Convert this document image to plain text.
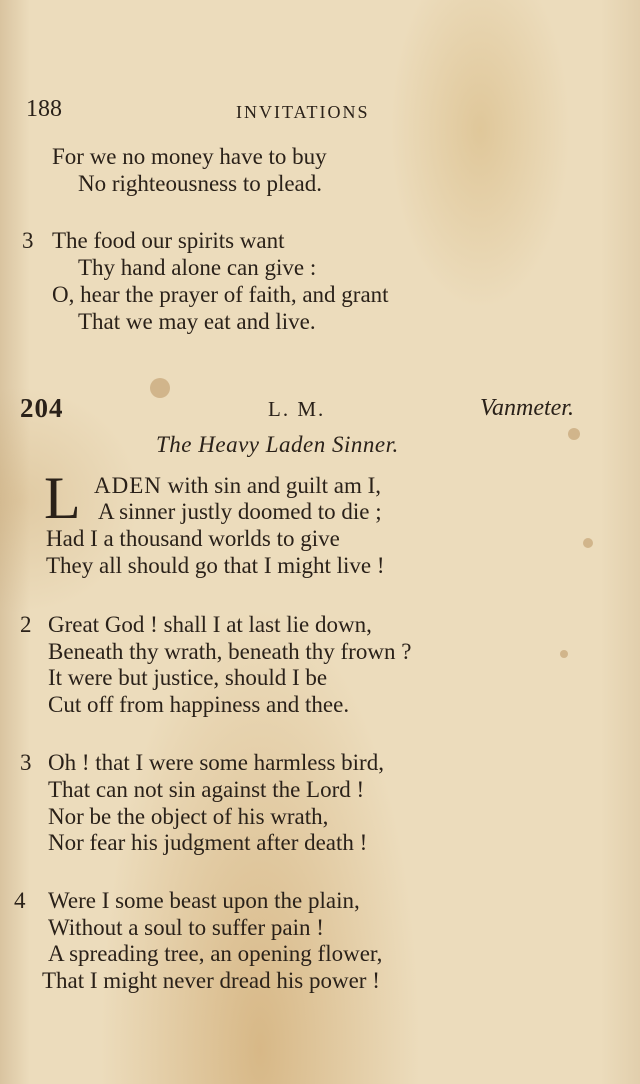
188	INVITATIONS
For we no money have to buy
No righteousness to plead.
3 The food our spirits want
Thy hand alone can give :
O, hear the prayer of faith, and grant
That we may eat and live.
204	L. M.	Vanmeter.
The Heavy Laden Sinner.
L ADEN with sin and guilt am I,
A sinner justly doomed to die ;
Had I a thousand worlds to give
They all should go that I might live !
2 Great God ! shall I at last lie down,
Beneath thy wrath, beneath thy frown ?
It were but justice, should I be
Cut off from happiness and thee.
3 Oh ! that I were some harmless bird,
That can not sin against the Lord !
Nor be the object of his wrath,
Nor fear his judgment after death !
4 Were I some beast upon the plain,
Without a soul to suffer pain !
A spreading tree, an opening flower,
That I might never dread his power !
